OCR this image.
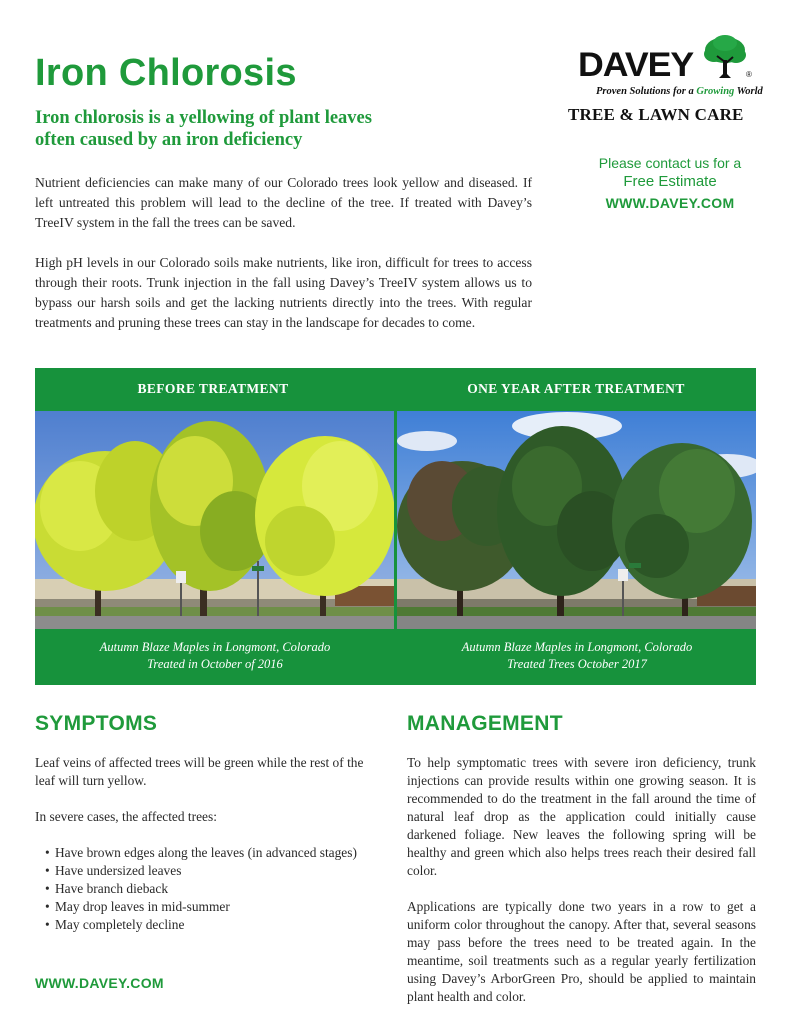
Iron Chlorosis
Iron chlorosis is a yellowing of plant leaves often caused by an iron deficiency
DAVEY	®
Proven Solutions for a Growing World
TREE & LAWN CARE
Please contact us for a
Free Estimate
WWW.DAVEY.COM

Nutrient deficiencies can make many of our Colorado trees look yellow and diseased. If left untreated this problem will lead to the decline of the tree. If treated with Davey’s TreeIV system in the fall the trees can be saved.

High pH levels in our Colorado soils make nutrients, like iron, difficult for trees to access through their roots. Trunk injection in the fall using Davey’s TreeIV system allows us to bypass our harsh soils and get the lacking nutrients directly into the trees. With regular treatments and pruning these trees can stay in the landscape for decades to come.

BEFORE TREATMENT	ONE YEAR AFTER TREATMENT
Autumn Blaze Maples in Longmont, Colorado
Treated in October of 2016
Autumn Blaze Maples in Longmont, Colorado
Treated Trees October 2017
SYMPTOMS	MANAGEMENT

Leaf veins of affected trees will be green while the rest of the leaf will turn yellow.

In severe cases, the affected trees:

• Have brown edges along the leaves (in advanced stages)
• Have undersized leaves
• Have branch dieback
• May drop leaves in mid-summer
• May completely decline

To help symptomatic trees with severe iron deficiency, trunk injections can provide results within one growing season. It is recommended to do the treatment in the fall around the time of natural leaf drop as the application could initially cause darkened foliage. New leaves the following spring will be healthy and green which also helps trees reach their desired fall color.

Applications are typically done two years in a row to get a uniform color throughout the canopy. After that, several seasons may pass before the trees need to be treated again. In the meantime, soil treatments such as a regular yearly fertilization using Davey’s ArborGreen Pro, should be applied to maintain plant health and color.

WWW.DAVEY.COM
